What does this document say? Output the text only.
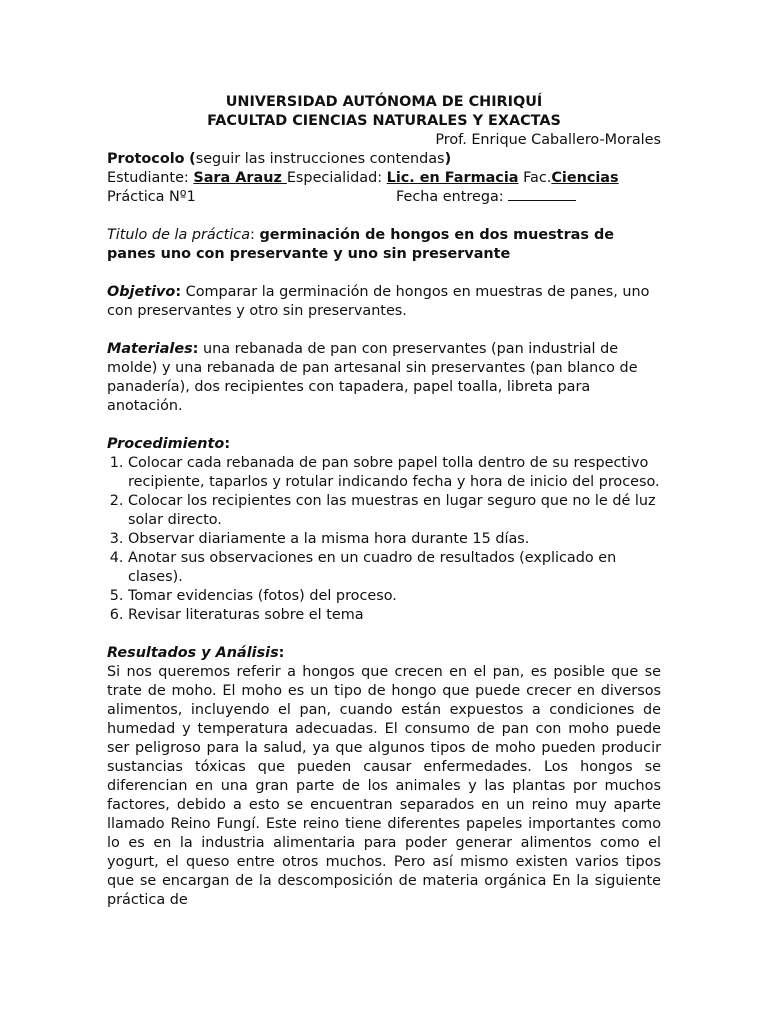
UNIVERSIDAD AUTÓNOMA DE CHIRIQUÍ
FACULTAD CIENCIAS NATURALES Y EXACTAS
Prof. Enrique Caballero-Morales
Protocolo (seguir las instrucciones contendas)
Estudiante: Sara Arauz Especialidad: Lic. en Farmacia Fac.Ciencias
Práctica Nº1	Fecha entrega:
Titulo de la práctica: germinación de hongos en dos muestras de panes uno con preservante y uno sin preservante
Objetivo: Comparar la germinación de hongos en muestras de panes, uno con preservantes y otro sin preservantes.
Materiales: una rebanada de pan con preservantes (pan industrial de molde) y una rebanada de pan artesanal sin preservantes (pan blanco de panadería), dos recipientes con tapadera, papel toalla, libreta para anotación.
Procedimiento:
1. Colocar cada rebanada de pan sobre papel tolla dentro de su respectivo recipiente, taparlos y rotular indicando fecha y hora de inicio del proceso.
2. Colocar los recipientes con las muestras en lugar seguro que no le dé luz solar directo.
3. Observar diariamente a la misma hora durante 15 días.
4. Anotar sus observaciones en un cuadro de resultados (explicado en clases).
5. Tomar evidencias (fotos) del proceso.
6. Revisar literaturas sobre el tema
Resultados y Análisis:
Si nos queremos referir a hongos que crecen en el pan, es posible que se trate de moho. El moho es un tipo de hongo que puede crecer en diversos alimentos, incluyendo el pan, cuando están expuestos a condiciones de humedad y temperatura adecuadas. El consumo de pan con moho puede ser peligroso para la salud, ya que algunos tipos de moho pueden producir sustancias tóxicas que pueden causar enfermedades. Los hongos se diferencian en una gran parte de los animales y las plantas por muchos factores, debido a esto se encuentran separados en un reino muy aparte llamado Reino Fungí. Este reino tiene diferentes papeles importantes como lo es en la industria alimentaria para poder generar alimentos como el yogurt, el queso entre otros muchos. Pero así mismo existen varios tipos que se encargan de la descomposición de materia orgánica En la siguiente práctica de
